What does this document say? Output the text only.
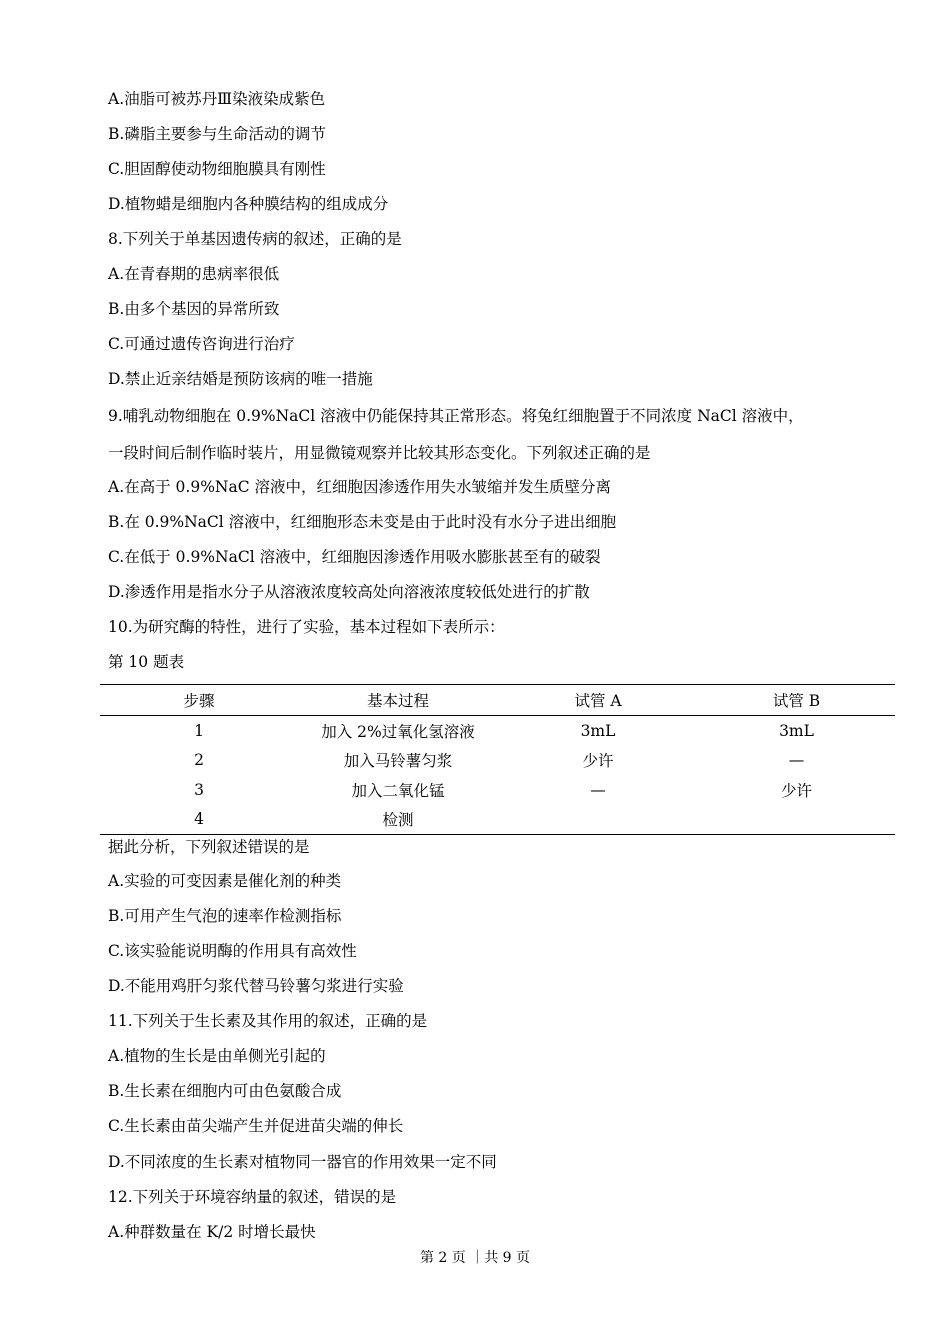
A.油脂可被苏丹Ⅲ染液染成紫色
B.磷脂主要参与生命活动的调节
C.胆固醇使动物细胞膜具有刚性
D.植物蜡是细胞内各种膜结构的组成成分
8.下列关于单基因遗传病的叙述，正确的是
A.在青春期的患病率很低
B.由多个基因的异常所致
C.可通过遗传咨询进行治疗
D.禁止近亲结婚是预防该病的唯一措施
9.哺乳动物细胞在 0.9%NaCl 溶液中仍能保持其正常形态。将兔红细胞置于不同浓度 NaCl 溶液中，
一段时间后制作临时装片，用显微镜观察并比较其形态变化。下列叙述正确的是
A.在高于 0.9%NaC 溶液中，红细胞因渗透作用失水皱缩并发生质壁分离
B.在 0.9%NaCl 溶液中，红细胞形态未变是由于此时没有水分子进出细胞
C.在低于 0.9%NaCl 溶液中，红细胞因渗透作用吸水膨胀甚至有的破裂
D.渗透作用是指水分子从溶液浓度较高处向溶液浓度较低处进行的扩散
10.为研究酶的特性，进行了实验，基本过程如下表所示：
第 10 题表
步骤	基本过程	试管 A	试管 B
1	加入 2%过氧化氢溶液	3mL	3mL
2	加入马铃薯匀浆	少许	—
3	加入二氧化锰	—	少许
4	检测		
据此分析，下列叙述错误的是
A.实验的可变因素是催化剂的种类
B.可用产生气泡的速率作检测指标
C.该实验能说明酶的作用具有高效性
D.不能用鸡肝匀浆代替马铃薯匀浆进行实验
11.下列关于生长素及其作用的叙述，正确的是
A.植物的生长是由单侧光引起的
B.生长素在细胞内可由色氨酸合成
C.生长素由苗尖端产生并促进苗尖端的伸长
D.不同浓度的生长素对植物同一器官的作用效果一定不同
12.下列关于环境容纳量的叙述，错误的是
A.种群数量在 K/2 时增长最快
第 2 页 ｜共 9 页
